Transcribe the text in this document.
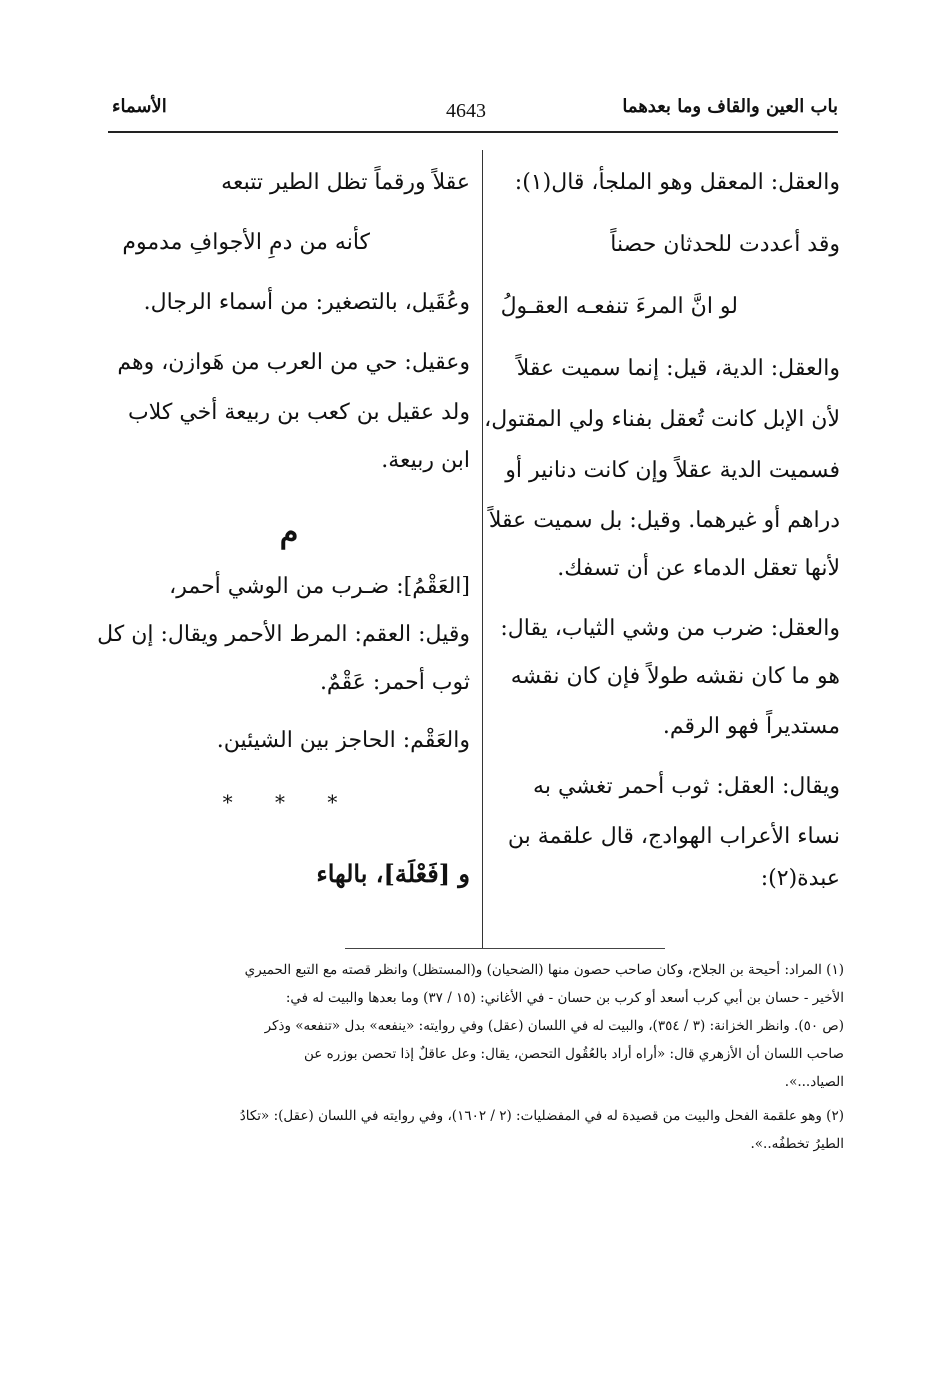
باب العين والقاف وما بعدهما
4643
الأسماء
والعقل: المعقل وهو الملجأ، قال(١):
وقد أعددت للحدثان حصناً
لو انَّ المرءَ تنفعـه العقـولُ
والعقل: الدية، قيل: إنما سميت عقلاً
لأن الإبل كانت تُعقل بفناء ولي المقتول،
فسميت الدية عقلاً وإن كانت دنانير أو
دراهم أو غيرهما. وقيل: بل سميت عقلاً
لأنها تعقل الدماء عن أن تسفك.
والعقل: ضرب من وشي الثياب، يقال:
هو ما كان نقشه طولاً فإن كان نقشه
مستديراً فهو الرقم.
ويقال: العقل: ثوب أحمر تغشي به
نساء الأعراب الهوادج، قال علقمة بن
عبدة(٢):
عقلاً ورقماً تظل الطير تتبعه
كأنه من دمِ الأجوافِ مدموم
وعُقَيل، بالتصغير: من أسماء الرجال.
وعقيل: حي من العرب من هَوازن، وهم
ولد عقيل بن كعب بن ربيعة أخي كلاب
ابن ربيعة.
م
[العَقْمُ]: ضـرب من الوشي أحمر،
وقيل: العقم: المرط الأحمر ويقال: إن كل
ثوب أحمر: عَقْمٌ.
والعَقْم: الحاجز بين الشيئين.
* * *
و [فَعْلَة]، بالهاء
(١) المراد: أحيحة بن الجلاح، وكان صاحب حصون منها (الضحيان) و(المستظل) وانظر قصته مع التبع الحميري
الأخير - حسان بن أبي كرب أسعد أو كرب بن حسان - في الأغاني: (١٥ / ٣٧) وما بعدها والبيت له في:
(ص ٥٠). وانظر الخزانة: (٣ / ٣٥٤)، والبيت له في اللسان (عقل) وفي روايته: «ينفعه» بدل «تنفعه» وذكر
صاحب اللسان أن الأزهري قال: «أراه أراد بالعُقُول التحصن، يقال: وعل عاقلٌ إذا تحصن بوزره عن
الصياد...».
(٢) وهو علقمة الفحل والبيت من قصيدة له في المفضليات: (٢ / ١٦٠٢)، وفي روايته في اللسان (عقل): «تكادُ
الطيرُ تخطفُه..».
